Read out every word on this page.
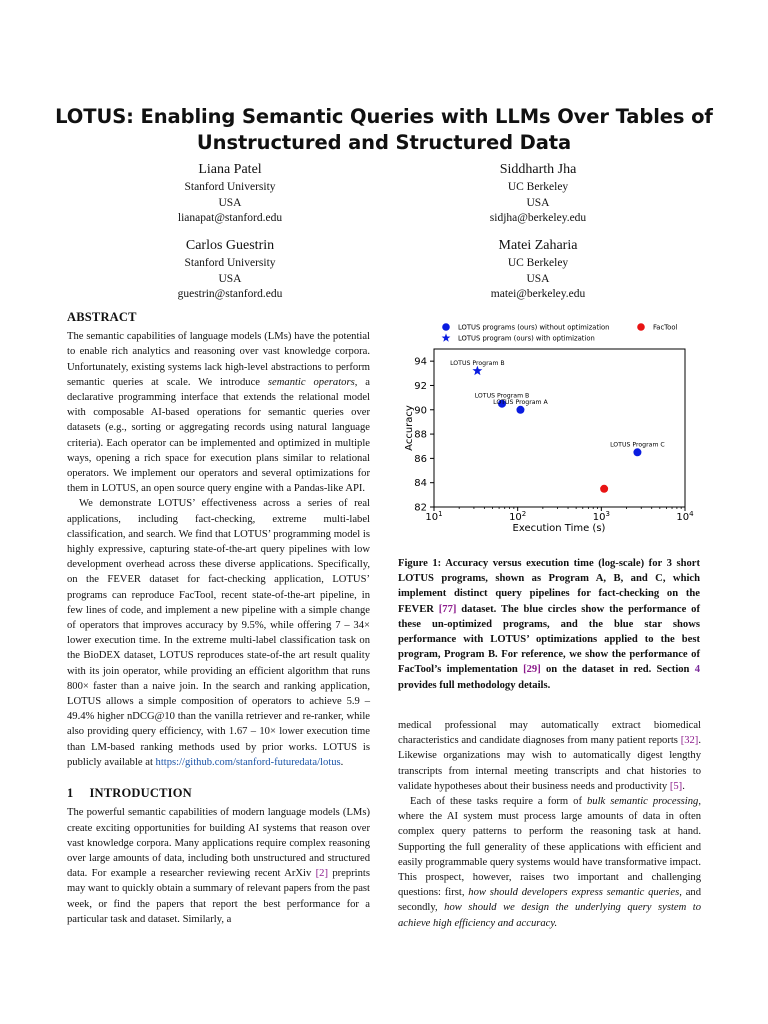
LOTUS: Enabling Semantic Queries with LLMs Over Tables of
Unstructured and Structured Data
Liana Patel
Stanford University
USA
lianapat@stanford.edu
Siddharth Jha
UC Berkeley
USA
sidjha@berkeley.edu
Carlos Guestrin
Stanford University
USA
guestrin@stanford.edu
Matei Zaharia
UC Berkeley
USA
matei@berkeley.edu
ABSTRACT

The semantic capabilities of language models (LMs) have the potential to enable rich analytics and reasoning over vast knowledge corpora. Unfortunately, existing systems lack high-level abstractions to perform semantic queries at scale. We introduce semantic operators, a declarative programming interface that extends the relational model with composable AI-based operations for semantic queries over datasets (e.g., sorting or aggregating records using natural language criteria). Each operator can be implemented and optimized in multiple ways, opening a rich space for execution plans similar to relational operators. We implement our operators and several optimizations for them in LOTUS, an open source query engine with a Pandas-like API.

We demonstrate LOTUS’ effectiveness across a series of real applications, including fact-checking, extreme multi-label classification, and search. We find that LOTUS’ programming model is highly expressive, capturing state-of-the-art query pipelines with low development overhead across these diverse applications. Specifically, on the FEVER dataset for fact-checking application, LOTUS’ programs can reproduce FacTool, recent state-of-the-art pipeline, in few lines of code, and implement a new pipeline with a simple change of operators that improves accuracy by 9.5%, while offering 7 – 34× lower execution time. In the extreme multi-label classification task on the BioDEX dataset, LOTUS reproduces state-of-the art result quality with its join operator, while providing an efficient algorithm that runs 800× faster than a naive join. In the search and ranking application, LOTUS allows a simple composition of operators to achieve 5.9 – 49.4% higher nDCG@10 than the vanilla retriever and re-ranker, while also providing query efficiency, with 1.67 – 10× lower execution time than LM-based ranking methods used by prior works. LOTUS is publicly available at https://github.com/stanford-futuredata/lotus.

1 INTRODUCTION

The powerful semantic capabilities of modern language models (LMs) create exciting opportunities for building AI systems that reason over vast knowledge corpora. Many applications require complex reasoning over large amounts of data, including both unstructured and structured data. For example a researcher reviewing recent ArXiv [2] preprints may want to quickly obtain a summary of relevant papers from the past week, or find the papers that report the best performance for a particular task and dataset. Similarly, a

82
84
86
88
90
92
94
$10^1$	$10^2$	$10^3$	$10^4$
LOTUS Program B
LOTUS Program B
LOTUS Program A
LOTUS Program C
LOTUS programs (ours) without optimization	FacTool
LOTUS program (ours) with optimization
Execution Time (s)
Accuracy
Figure 1: Accuracy versus execution time (log-scale) for 3 short LOTUS programs, shown as Program A, B, and C, which implement distinct query pipelines for fact-checking on the FEVER [77] dataset. The blue circles show the performance of these un-optimized programs, and the blue star shows performance with LOTUS’ optimizations applied to the best program, Program B. For reference, we show the performance of FacTool’s implementation [29] on the dataset in red. Section 4 provides full methodology details.

medical professional may automatically extract biomedical characteristics and candidate diagnoses from many patient reports [32]. Likewise organizations may wish to automatically digest lengthy transcripts from internal meeting transcripts and chat histories to validate hypotheses about their business needs and productivity [5].

Each of these tasks require a form of bulk semantic processing, where the AI system must process large amounts of data in often complex query patterns to perform the reasoning task at hand. Supporting the full generality of these applications with efficient and easily programmable query systems would have transformative impact. This prospect, however, raises two important and challenging questions: first, how should developers express semantic queries, and secondly, how should we design the underlying query system to achieve high efficiency and accuracy.
